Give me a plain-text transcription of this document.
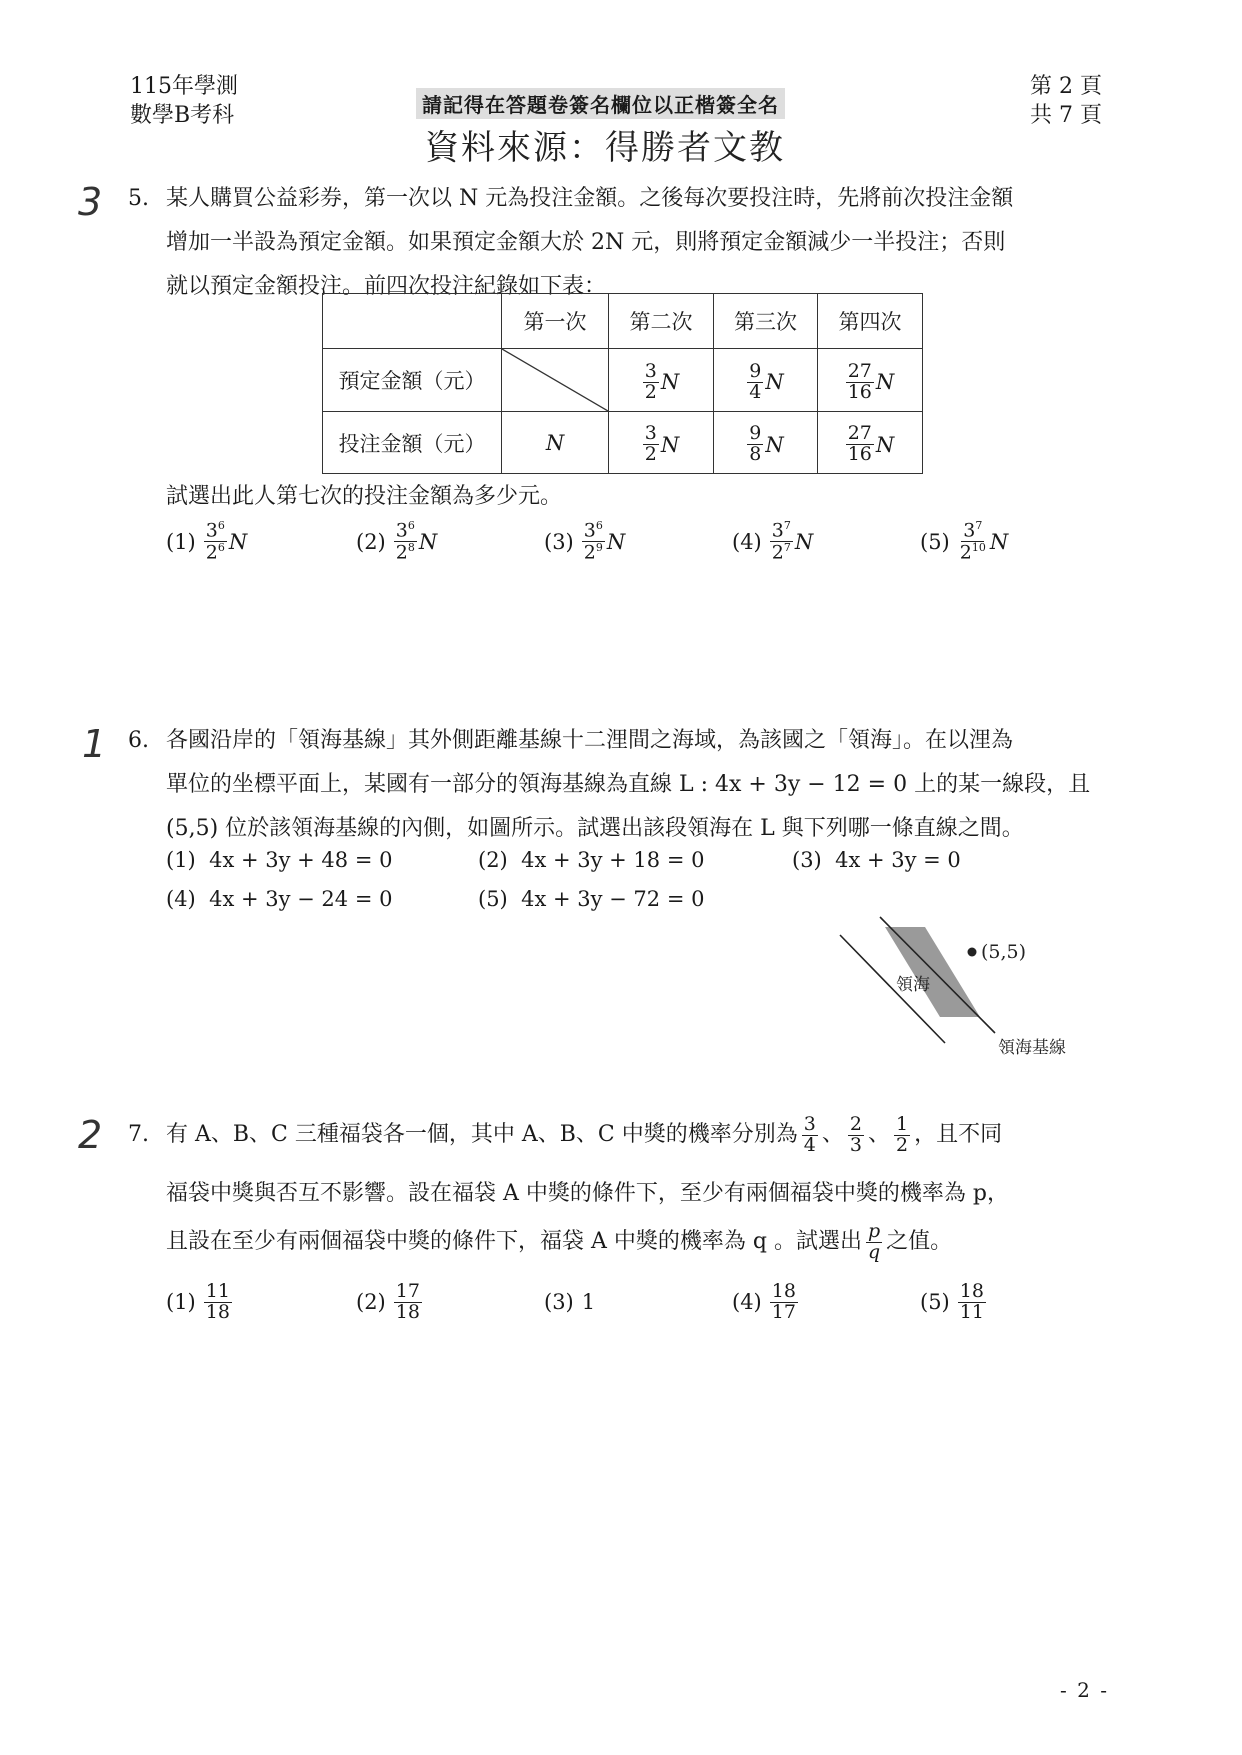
115年學測
數學B考科	請記得在答題卷簽名欄位以正楷簽全名
資料來源：得勝者文教
第 2 頁
共 7 頁
3 5. 某人購買公益彩券，第一次以 N 元為投注金額。之後每次要投注時，先將前次投注金額
增加一半設為預定金額。如果預定金額大於 2N 元，則將預定金額減少一半投注；否則
就以預定金額投注。前四次投注紀錄如下表：
	第一次	第二次	第三次	第四次
預定金額（元）		$\frac{3}{2}$ N	$\frac{9}{4}$ N	$\frac{27}{16}$ N

投注金額（元）	N	$\frac{3}{2}$ N	$\frac{9}{8}$ N	$\frac{27}{16}$ N
試選出此人第七次的投注金額為多少元。
$(1) \frac{3^6}{2^6}$ N	$(2) \frac{3^6}{2^8}$ N	$(3) \frac{3^6}{2^9}$ N	$(4) \frac{3^7}{2^7}$ N	$(5) \frac{3^7}{2^{10}}$ N
1 6. 各國沿岸的「領海基線」其外側距離基線十二浬間之海域，為該國之「領海」。在以浬為
單位的坐標平面上，某國有一部分的領海基線為直線 L : 4x + 3y − 12 = 0 上的某一線段，且
(5,5) 位於該領海基線的內側，如圖所示。試選出該段領海在 L 與下列哪一條直線之間。
(1) 4x + 3y + 48 = 0	(2) 4x + 3y + 18 = 0	(3) 4x + 3y = 0
(4) 4x + 3y − 24 = 0	(5) 4x + 3y − 72 = 0
(5,5)
領海
領海基線
2 7. 有 A、B、C 三種福袋各一個，其中 A、B、C 中獎的機率分別為 $\frac{3}{4}$ 、 $\frac{2}{3}$ 、 $\frac{1}{2}$ ，且不同
福袋中獎與否互不影響。設在福袋 A 中獎的條件下，至少有兩個福袋中獎的機率為 p，
且設在至少有兩個福袋中獎的條件下，福袋 A 中獎的機率為 q 。試選出 $\frac{p}{q}$ 之值。
$(1) \frac{11}{18}$	$(2) \frac{17}{18}$	(3) 1	$(4) \frac{18}{17}$	$(5) \frac{18}{11}$
- 2 -
